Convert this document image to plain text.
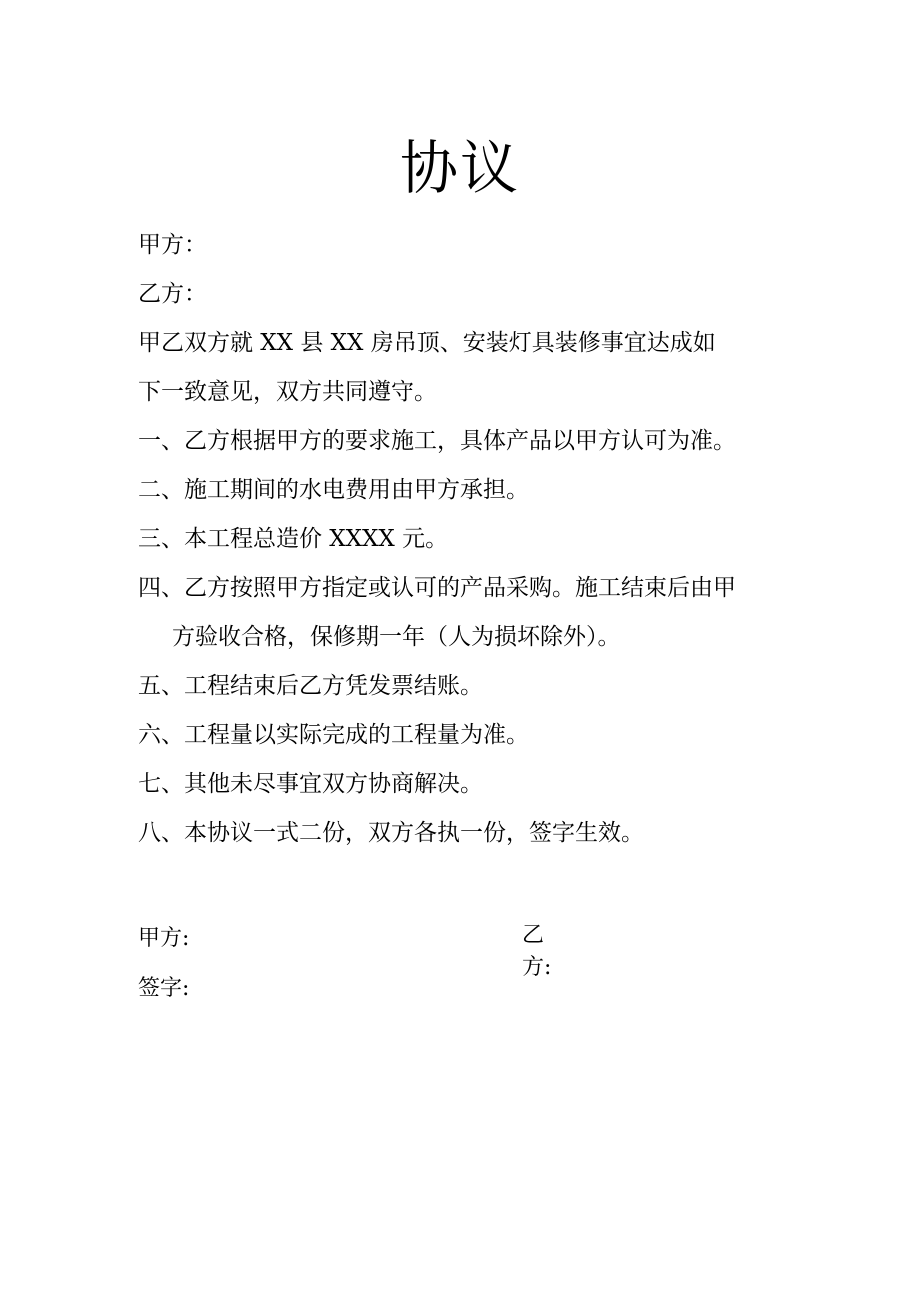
协议
甲方：
乙方：
甲乙双方就 XX 县 XX 房吊顶、安装灯具装修事宜达成如
下一致意见，双方共同遵守。
一、乙方根据甲方的要求施工，具体产品以甲方认可为准。
二、施工期间的水电费用由甲方承担。
三、本工程总造价 XXXX 元。
四、乙方按照甲方指定或认可的产品采购。施工结束后由甲
方验收合格，保修期一年（人为损坏除外）。
五、工程结束后乙方凭发票结账。
六、工程量以实际完成的工程量为准。
七、其他未尽事宜双方协商解决。
八、本协议一式二份，双方各执一份，签字生效。
甲方:
签字:
乙
方:
